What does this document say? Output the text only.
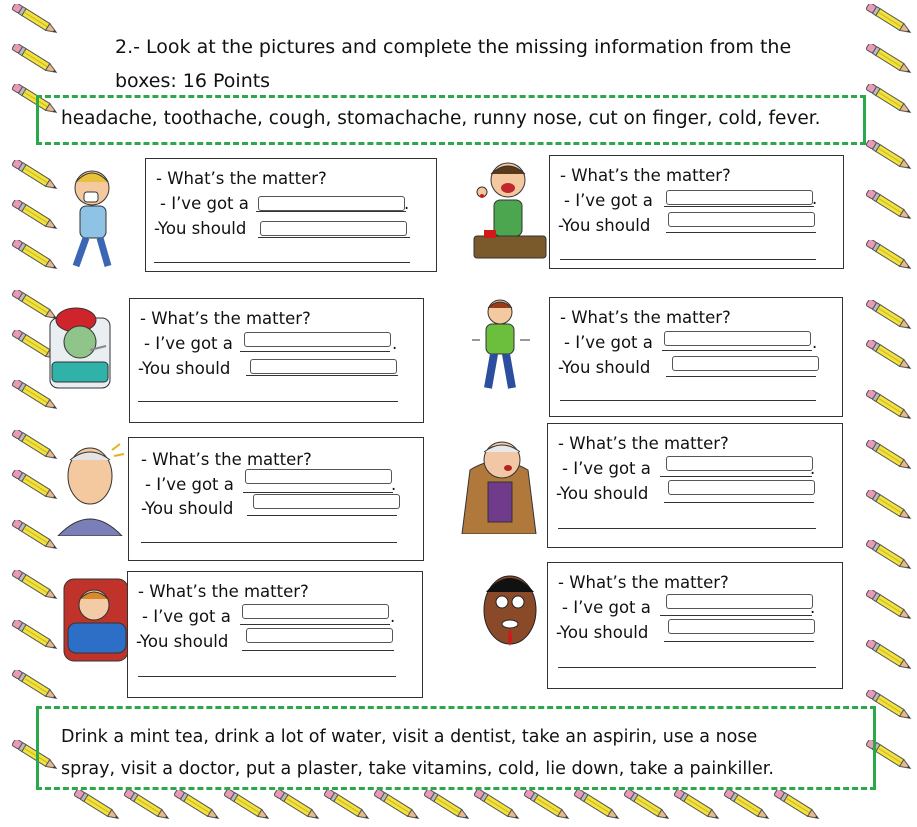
2.- Look at the pictures and complete the missing information from the
boxes: 16 Points
headache, toothache, cough, stomachache, runny nose, cut on finger, cold, fever.
- What’s the matter?
- I’ve got a	.
-You should
- What’s the matter?
- I’ve got a	.
-You should
- What’s the matter?
- I’ve got a	.
-You should
- What’s the matter?
- I’ve got a	.
-You should
- What’s the matter?
- I’ve got a	.
-You should
- What’s the matter?
- I’ve got a	.
-You should
- What’s the matter?
- I’ve got a	.
-You should
- What’s the matter?
- I’ve got a	.
-You should
Drink a mint tea, drink a lot of water, visit a dentist, take an aspirin, use a nose
spray, visit a doctor, put a plaster, take vitamins, cold, lie down, take a painkiller.
